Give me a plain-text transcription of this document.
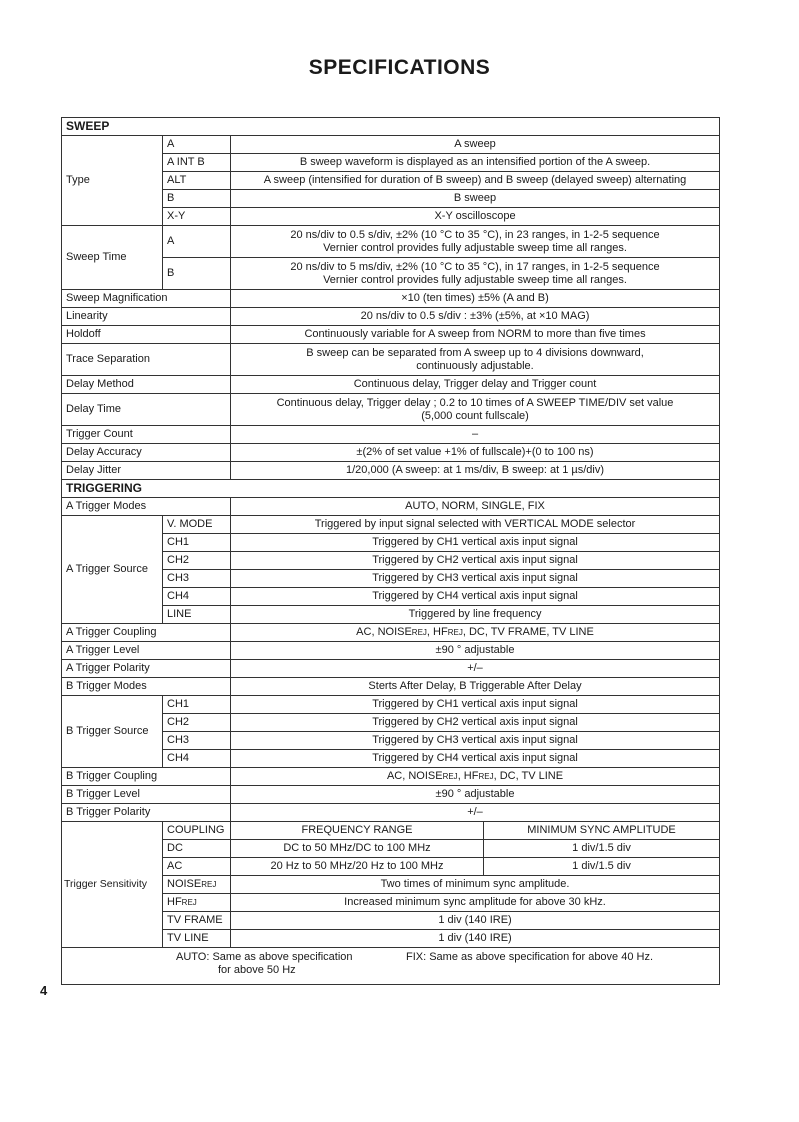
SPECIFICATIONS
SWEEP			
Type	A	A sweep	
	A INT B	B sweep waveform is displayed as an intensified portion of the A sweep.	
	ALT	A sweep (intensified for duration of B sweep) and B sweep (delayed sweep) alternating	
	B	B sweep	
	X-Y	X-Y oscilloscope	
Sweep Time	A	20 ns/div to 0.5 s/div, ±2% (10 °C to 35 °C), in 23 ranges, in 1-2-5 sequence
Vernier control provides fully adjustable sweep time all ranges.	

	B	20 ns/div to 5 ms/div, ±2% (10 °C to 35 °C), in 17 ranges, in 1-2-5 sequence
Vernier control provides fully adjustable sweep time all ranges.	

Sweep Magnification		×10 (ten times) ±5% (A and B)	
Linearity		20 ns/div to 0.5 s/div : ±3% (±5%, at ×10 MAG)	
Holdoff		Continuously variable for A sweep from NORM to more than five times	
Trace Separation		B sweep can be separated from A sweep up to 4 divisions downward,
continuously adjustable.	

Delay Method		Continuous delay, Trigger delay and Trigger count	
Delay Time		Continuous delay, Trigger delay ; 0.2 to 10 times of A SWEEP TIME/DIV set value
(5,000 count fullscale)	

Trigger Count		–	
Delay Accuracy		±(2% of set value +1% of fullscale)+(0 to 100 ns)	
Delay Jitter		1/20,000 (A sweep: at 1 ms/div, B sweep: at 1 µs/div)	
TRIGGERING			
A Trigger Modes		AUTO, NORM, SINGLE, FIX	
A Trigger Source	V. MODE	Triggered by input signal selected with VERTICAL MODE selector	
	CH1	Triggered by CH1 vertical axis input signal	
	CH2	Triggered by CH2 vertical axis input signal	
	CH3	Triggered by CH3 vertical axis input signal	
	CH4	Triggered by CH4 vertical axis input signal	
	LINE	Triggered by line frequency	
A Trigger Coupling		AC, NOISEREJ, HFREJ, DC, TV FRAME, TV LINE	
A Trigger Level		±90 ° adjustable	
A Trigger Polarity		+/–	
B Trigger Modes		Sterts After Delay, B Triggerable After Delay	
B Trigger Source	CH1	Triggered by CH1 vertical axis input signal	
	CH2	Triggered by CH2 vertical axis input signal	
	CH3	Triggered by CH3 vertical axis input signal	
	CH4	Triggered by CH4 vertical axis input signal	
B Trigger Coupling		AC, NOISEREJ, HFREJ, DC, TV LINE	
B Trigger Level		±90 ° adjustable	
B Trigger Polarity		+/–	
Trigger Sensitivity	COUPLING	FREQUENCY RANGE	MINIMUM SYNC AMPLITUDE
	DC	DC to 50 MHz/DC to 100 MHz	1 div/1.5 div
	AC	20 Hz to 50 MHz/20 Hz to 100 MHz	1 div/1.5 div
	NOISEREJ	Two times of minimum sync amplitude.	
	HFREJ	Increased minimum sync amplitude for above 30 kHz.	
	TV FRAME	1 div (140 IRE)	
	TV LINE	1 div (140 IRE)	

AUTO: Same as above specification
for above 50 Hz
FIX: Same as above specification for above 40 Hz.			
4
